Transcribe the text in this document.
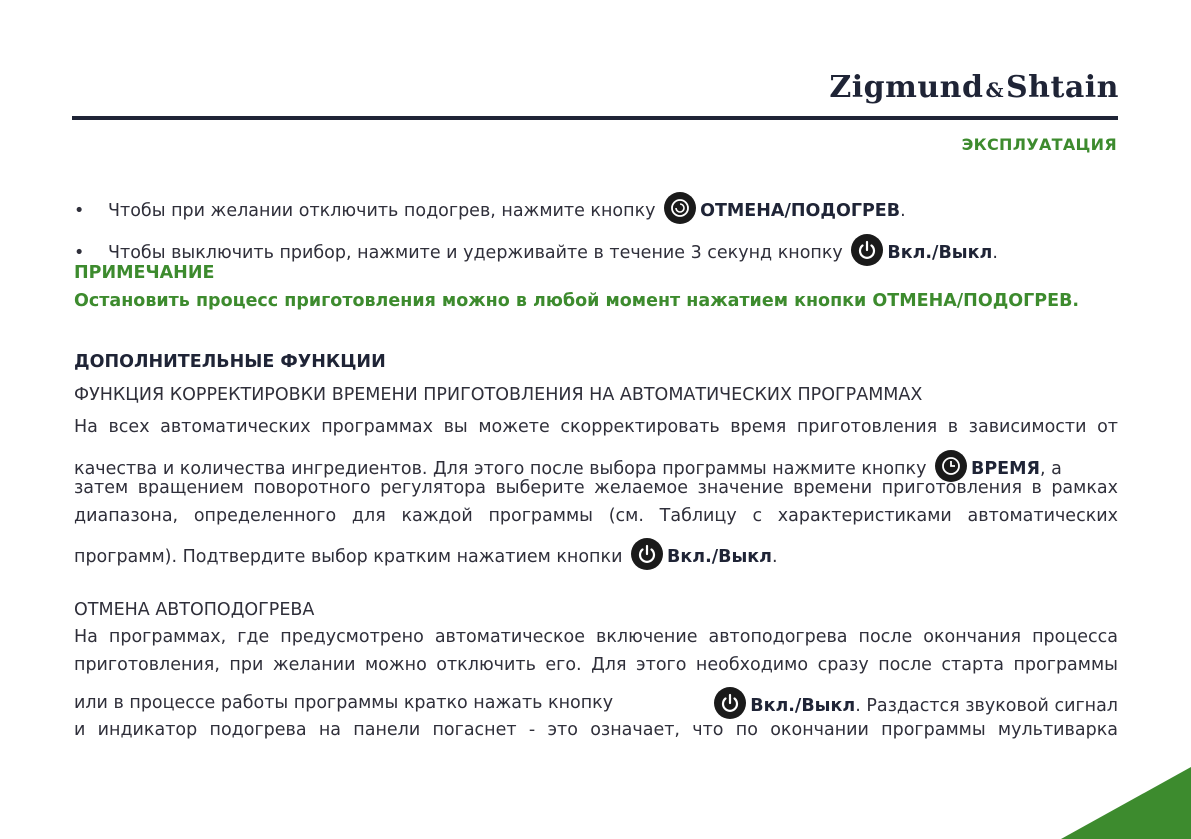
Zigmund &Shtain
ЭКСПЛУАТАЦИЯ
• Чтобы при желании отключить подогрев, нажмите кнопку	ОТМЕНА/ПОДОГРЕВ.
• Чтобы выключить прибор, нажмите и удерживайте в течение 3 секунд кнопку	Вкл./Выкл.
ПРИМЕЧАНИЕ
Остановить процесс приготовления можно в любой момент нажатием кнопки ОТМЕНА/ПОДОГРЕВ.
ДОПОЛНИТЕЛЬНЫЕ ФУНКЦИИ
ФУНКЦИЯ КОРРЕКТИРОВКИ ВРЕМЕНИ ПРИГОТОВЛЕНИЯ НА АВТОМАТИЧЕСКИХ ПРОГРАММАХ
На всех автоматических программах вы можете скорректировать время приготовления в зависимости от
качества и количества ингредиентов. Для этого после выбора программы нажмите кнопку	ВРЕМЯ, а
затем вращением поворотного регулятора выберите желаемое значение времени приготовления в рамках
диапазона, определенного для каждой программы (см. Таблицу с характеристиками автоматических
программ). Подтвердите выбор кратким нажатием кнопки	Вкл./Выкл.
ОТМЕНА АВТОПОДОГРЕВА
На программах, где предусмотрено автоматическое включение автоподогрева после окончания процесса
приготовления, при желании можно отключить его. Для этого необходимо сразу после старта программы
или в процессе работы программы кратко нажать кнопку	Вкл./Выкл. Раздастся звуковой сигнал
и индикатор подогрева на панели погаснет - это означает, что по окончании программы мультиварка
